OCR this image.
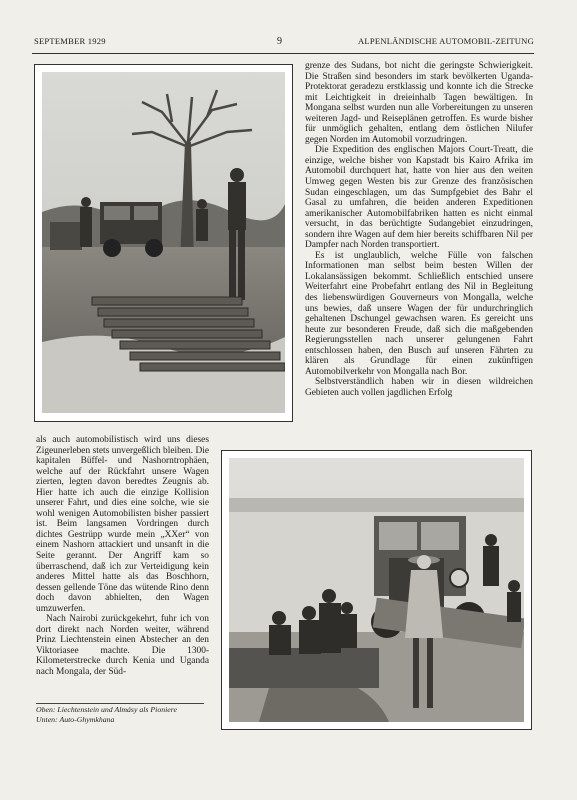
SEPTEMBER 1929	9	ALPENLÄNDISCHE AUTOMOBIL-ZEITUNG

grenze des Sudans, bot nicht die geringste Schwierigkeit. Die Straßen sind besonders im stark bevölkerten Uganda-Protektorat geradezu erstklassig und konnte ich die Strecke mit Leichtigkeit in dreieinhalb Tagen bewältigen. In Mongana selbst wurden nun alle Vorbereitungen zu unseren weiteren Jagd- und Reiseplänen getroffen. Es wurde bisher für unmöglich gehalten, entlang dem östlichen Nilufer gegen Norden im Automobil vorzudringen.

Die Expedition des englischen Majors Court-Treatt, die einzige, welche bisher von Kapstadt bis Kairo Afrika im Automobil durchquert hat, hatte von hier aus den weiten Umweg gegen Westen bis zur Grenze des französischen Sudan eingeschlagen, um das Sumpfgebiet des Bahr el Gasal zu umfahren, die beiden anderen Expeditionen amerikanischer Automobilfabriken hatten es nicht einmal versucht, in das berüchtigte Sudangebiet einzudringen, sondern ihre Wagen auf dem hier bereits schiffbaren Nil per Dampfer nach Norden transportiert.

Es ist unglaublich, welche Fülle von falschen Informationen man selbst beim besten Willen der Lokalansässigen bekommt. Schließlich entschied unsere Weiterfahrt eine Probefahrt entlang des Nil in Begleitung des liebenswürdigen Gouverneurs von Mongalla, welche uns bewies, daß unsere Wagen der für undurchringlich gehaltenen Dschungel gewachsen waren. Es gereicht uns heute zur besonderen Freude, daß sich die maßgebenden Regierungsstellen nach unserer gelungenen Fahrt entschlossen haben, den Busch auf unseren Fährten zu klären als Grundlage für einen zukünftigen Automobilverkehr von Mongalla nach Bor.

Selbstverständlich haben wir in diesen wildreichen Gebieten auch vollen jagdlichen Erfolg

als auch automobilistisch wird uns dieses Zigeunerleben stets unvergeßlich bleiben. Die kapitalen Büffel- und Nashorntrophäen, welche auf der Rückfahrt unsere Wagen zierten, legten davon beredtes Zeugnis ab. Hier hatte ich auch die einzige Kollision unserer Fahrt, und dies eine solche, wie sie wohl wenigen Automobilisten bisher passiert ist. Beim langsamen Vordringen durch dichtes Gestrüpp wurde mein „XXer“ von einem Nashorn attackiert und unsanft in die Seite gerannt. Der Angriff kam so überraschend, daß ich zur Verteidigung kein anderes Mittel hatte als das Boschhorn, dessen gellende Töne das wütende Rino denn doch davon abhielten, den Wagen umzuwerfen.

Nach Nairobi zurückgekehrt, fuhr ich von dort direkt nach Norden weiter, während Prinz Liechtenstein einen Abstecher an den Viktoriasee machte. Die 1300-Kilometerstrecke durch Kenia und Uganda nach Mongala, der Süd-

Oben: Liechtenstein und Almásy als Pioniere
Unten: Auto-Ghymkhana
